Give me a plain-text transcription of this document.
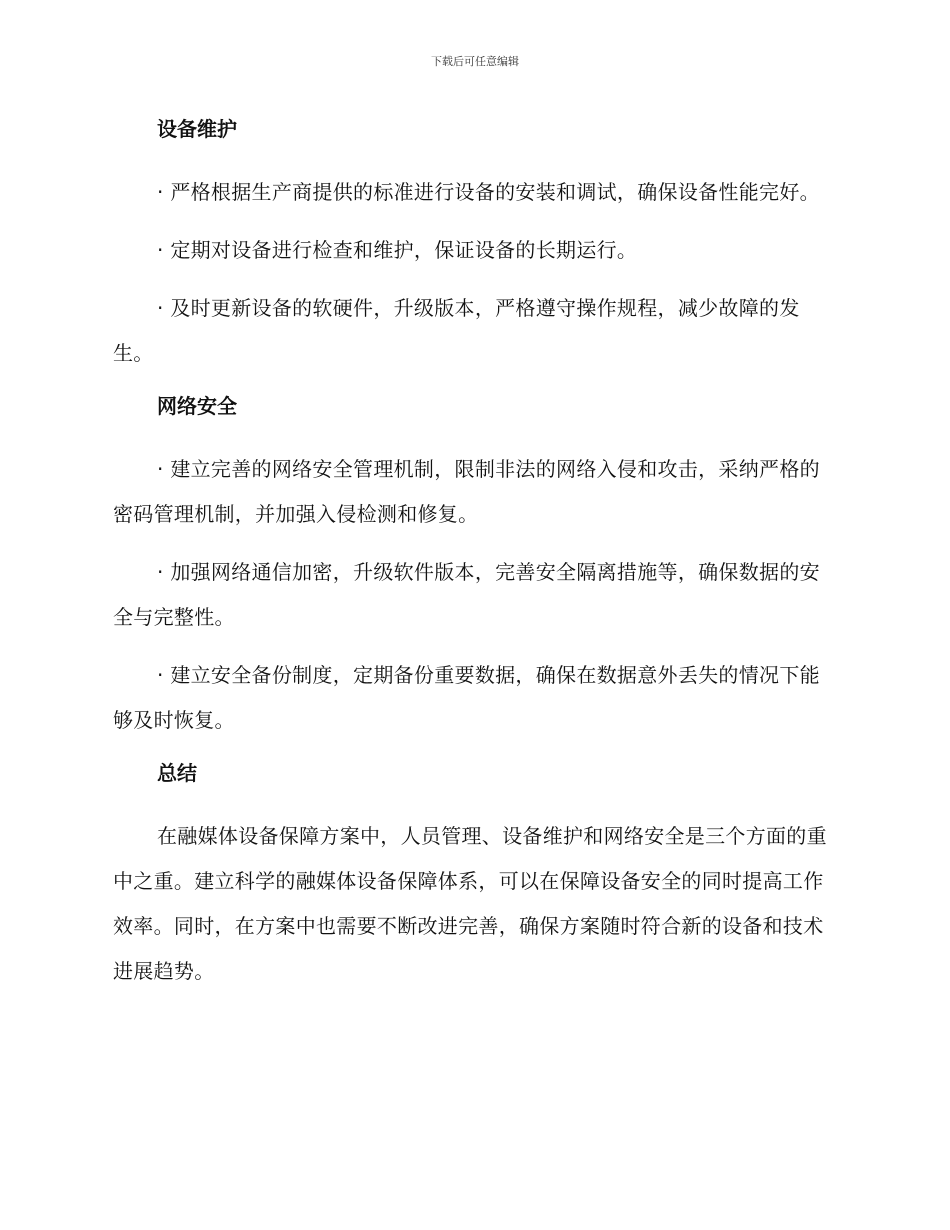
下载后可任意编辑
设备维护

· 严格根据生产商提供的标准进行设备的安装和调试，确保设备性能完好。

· 定期对设备进行检查和维护，保证设备的长期运行。

· 及时更新设备的软硬件，升级版本，严格遵守操作规程，减少故障的发生。

网络安全

· 建立完善的网络安全管理机制，限制非法的网络入侵和攻击，采纳严格的密码管理机制，并加强入侵检测和修复。

· 加强网络通信加密，升级软件版本，完善安全隔离措施等，确保数据的安全与完整性。

· 建立安全备份制度，定期备份重要数据，确保在数据意外丢失的情况下能够及时恢复。

总结

在融媒体设备保障方案中，人员管理、设备维护和网络安全是三个方面的重中之重。建立科学的融媒体设备保障体系，可以在保障设备安全的同时提高工作效率。同时，在方案中也需要不断改进完善，确保方案随时符合新的设备和技术进展趋势。
